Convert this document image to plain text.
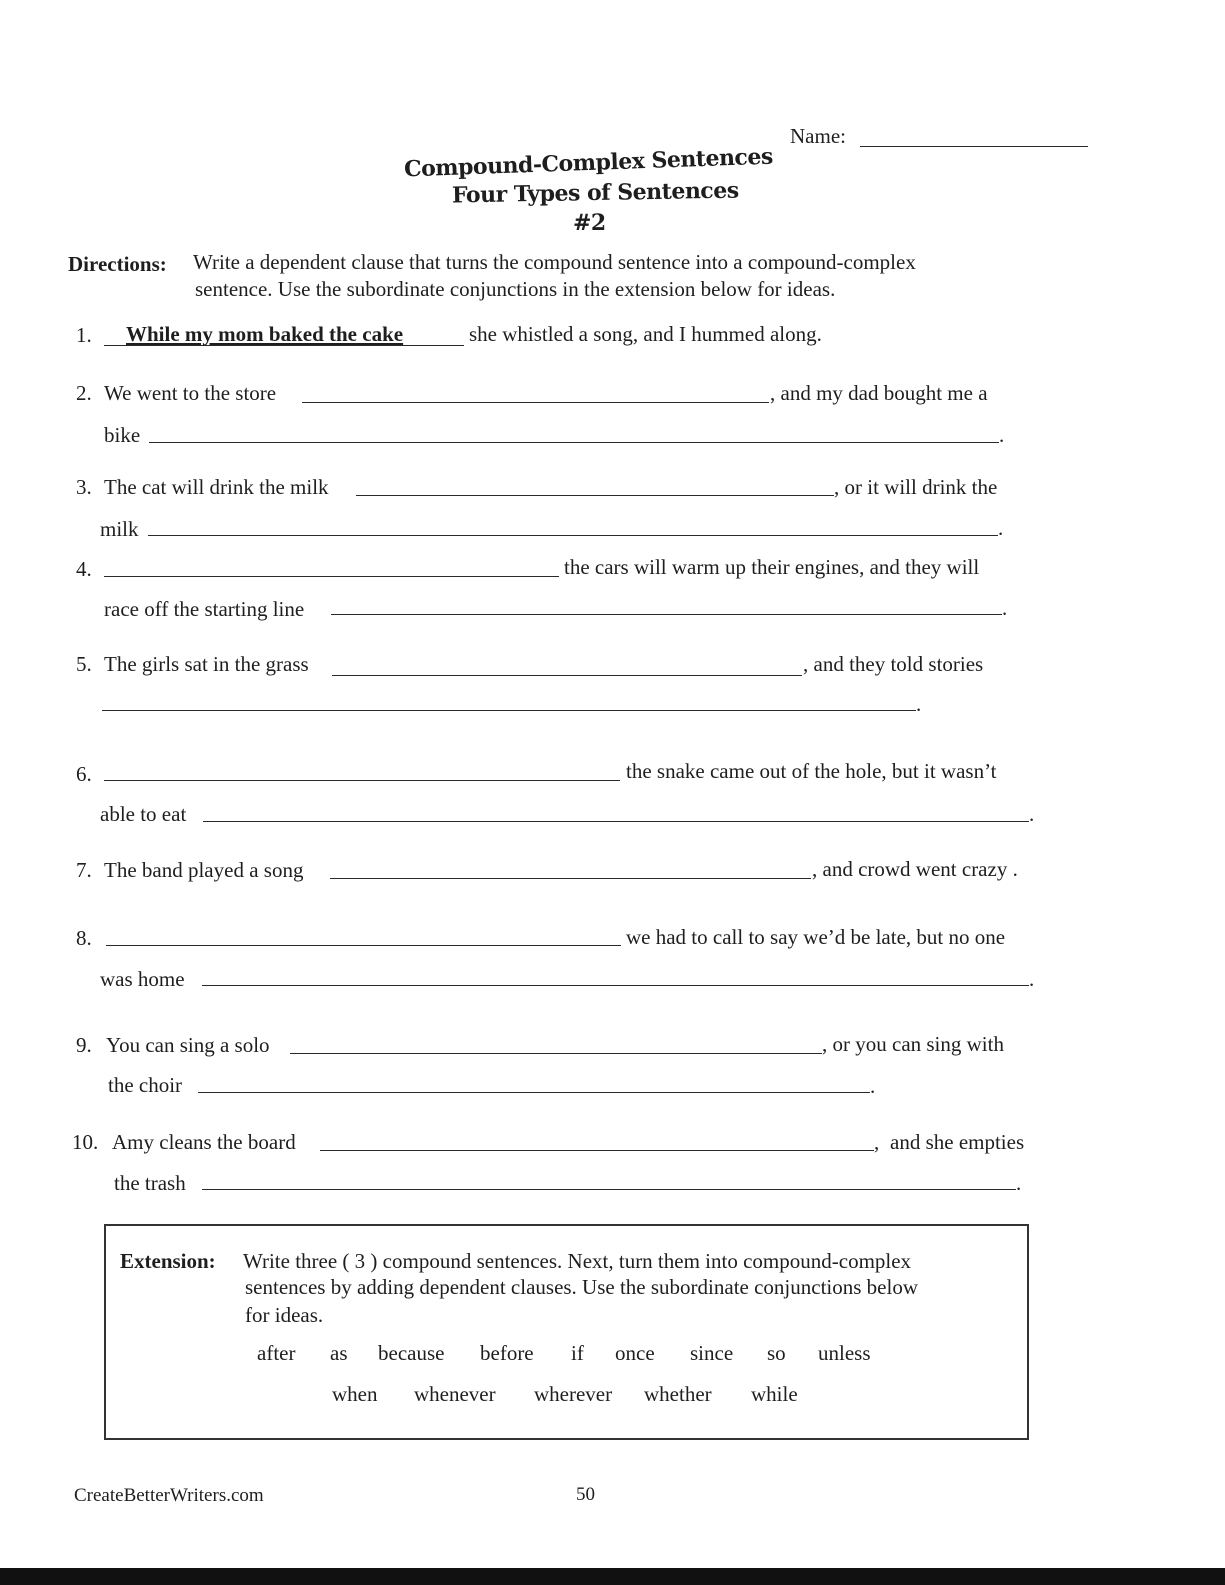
Name:
Compound-Complex Sentences
Four Types of Sentences
#2
Directions: Write a dependent clause that turns the compound sentence into a compound-complex
sentence. Use the subordinate conjunctions in the extension below for ideas.
1. While my mom baked the cake	she whistled a song, and I hummed along.
2. We went to the store	, and my dad bought me a
bike	.
3. The cat will drink the milk	, or it will drink the
milk	.
4.	the cars will warm up their engines, and they will
race off the starting line	.
5. The girls sat in the grass	, and they told stories
.
6.	the snake came out of the hole, but it wasn’t
able to eat	.
7. The band played a song	, and crowd went crazy .
8.	we had to call to say we’d be late, but no one
was home	.
9. You can sing a solo	, or you can sing with
the choir	.
10. Amy cleans the board	, and she empties
the trash	.
Extension: Write three ( 3 ) compound sentences. Next, turn them into compound-complex
sentences by adding dependent clauses. Use the subordinate conjunctions below
for ideas.
after as because before if once since so unless
when whenever wherever whether while
CreateBetterWriters.com	50
